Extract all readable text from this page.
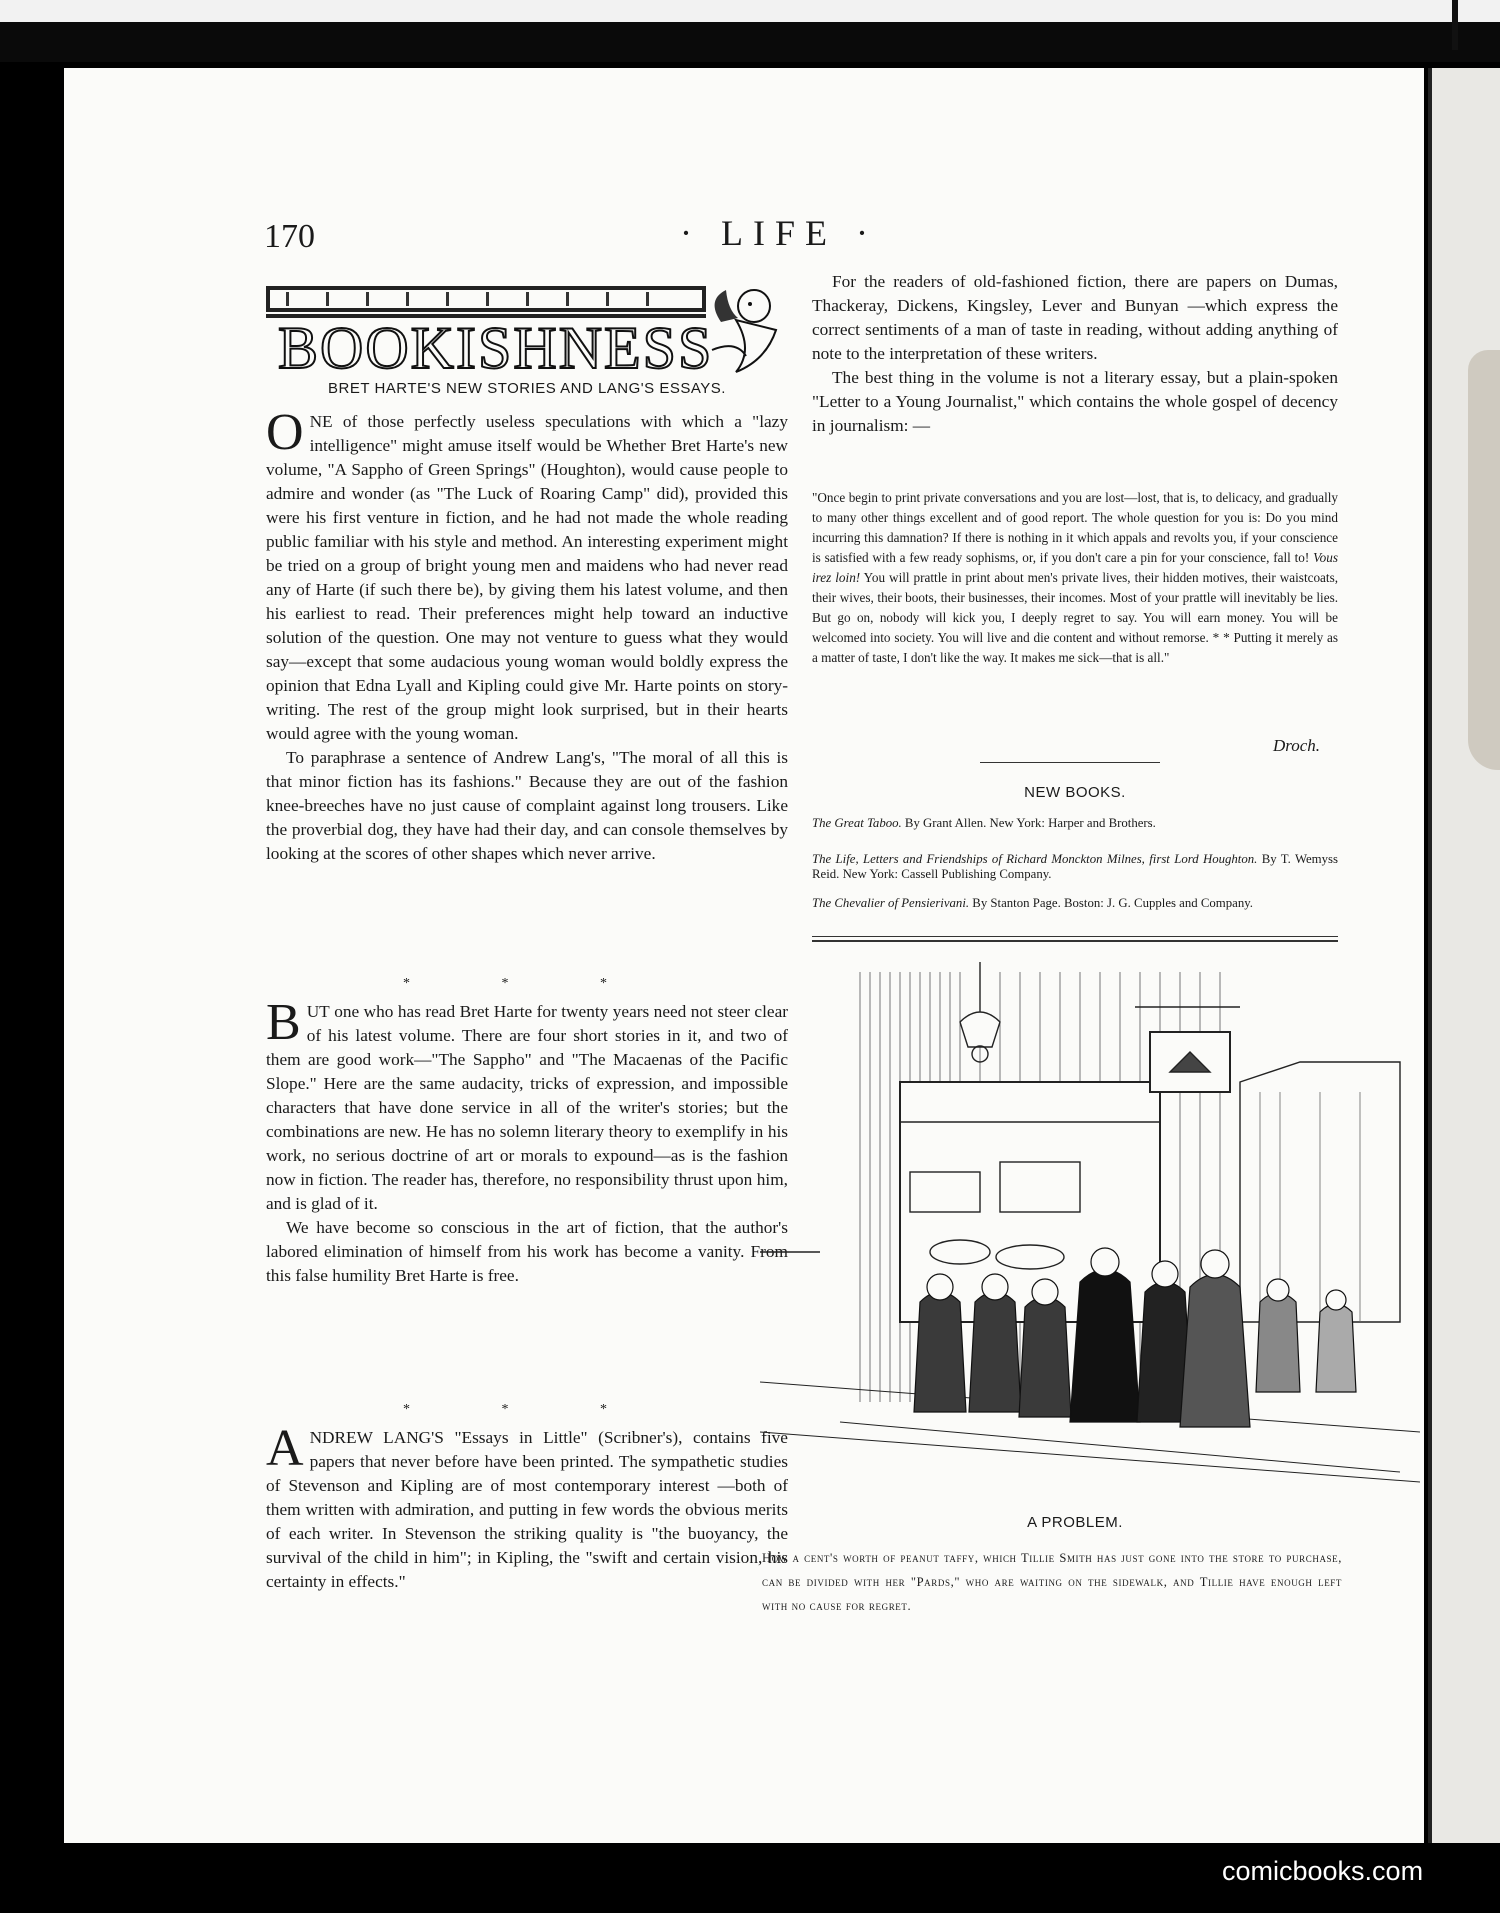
170	· LIFE ·
BOOKISHNESS
BRET HARTE'S NEW STORIES AND LANG'S ESSAYS.

ONE of those perfectly useless speculations with which a "lazy intelligence" might amuse itself would be Whether Bret Harte's new volume, "A Sappho of Green Springs" (Houghton), would cause people to admire and wonder (as "The Luck of Roaring Camp" did), provided this were his first venture in fiction, and he had not made the whole reading public familiar with his style and method. An interesting experiment might be tried on a group of bright young men and maidens who had never read any of Harte (if such there be), by giving them his latest volume, and then his earliest to read. Their preferences might help toward an inductive solution of the question. One may not venture to guess what they would say—except that some audacious young woman would boldly express the opinion that Edna Lyall and Kipling could give Mr. Harte points on story-writing. The rest of the group might look surprised, but in their hearts would agree with the young woman.

To paraphrase a sentence of Andrew Lang's, "The moral of all this is that minor fiction has its fashions." Because they are out of the fashion knee-breeches have no just cause of complaint against long trousers. Like the proverbial dog, they have had their day, and can console themselves by looking at the scores of other shapes which never arrive.

* * *

BUT one who has read Bret Harte for twenty years need not steer clear of his latest volume. There are four short stories in it, and two of them are good work—"The Sappho" and "The Macaenas of the Pacific Slope." Here are the same audacity, tricks of expression, and impossible characters that have done service in all of the writer's stories; but the combinations are new. He has no solemn literary theory to exemplify in his work, no serious doctrine of art or morals to expound—as is the fashion now in fiction. The reader has, therefore, no responsibility thrust upon him, and is glad of it.

We have become so conscious in the art of fiction, that the author's labored elimination of himself from his work has become a vanity. From this false humility Bret Harte is free.

* * *

ANDREW LANG'S "Essays in Little" (Scribner's), contains five papers that never before have been printed. The sympathetic studies of Stevenson and Kipling are of most contemporary interest —both of them written with admiration, and putting in few words the obvious merits of each writer. In Stevenson the striking quality is "the buoyancy, the survival of the child in him"; in Kipling, the "swift and certain vision, his certainty in effects."

For the readers of old-fashioned fiction, there are papers on Dumas, Thackeray, Dickens, Kingsley, Lever and Bunyan —which express the correct sentiments of a man of taste in reading, without adding anything of note to the interpretation of these writers.

The best thing in the volume is not a literary essay, but a plain-spoken "Letter to a Young Journalist," which contains the whole gospel of decency in journalism: —

"Once begin to print private conversations and you are lost—lost, that is, to delicacy, and gradually to many other things excellent and of good report. The whole question for you is: Do you mind incurring this damnation? If there is nothing in it which appals and revolts you, if your conscience is satisfied with a few ready sophisms, or, if you don't care a pin for your conscience, fall to! Vous irez loin! You will prattle in print about men's private lives, their hidden motives, their waistcoats, their wives, their boots, their businesses, their incomes. Most of your prattle will inevitably be lies. But go on, nobody will kick you, I deeply regret to say. You will earn money. You will be welcomed into society. You will live and die content and without remorse. * * Putting it merely as a matter of taste, I don't like the way. It makes me sick—that is all."
Droch.
NEW BOOKS.
The Great Taboo. By Grant Allen. New York: Harper and Brothers.
The Life, Letters and Friendships of Richard Monckton Milnes, first Lord Houghton. By T. Wemyss Reid. New York: Cassell Publishing Company.
The Chevalier of Pensierivani. By Stanton Page. Boston: J. G. Cupples and Company.
A PROBLEM.
How a cent's worth of peanut taffy, which Tillie Smith has just gone into the store to purchase, can be divided with her "Pards," who are waiting on the sidewalk, and Tillie have enough left with no cause for regret.
comicbooks.com
